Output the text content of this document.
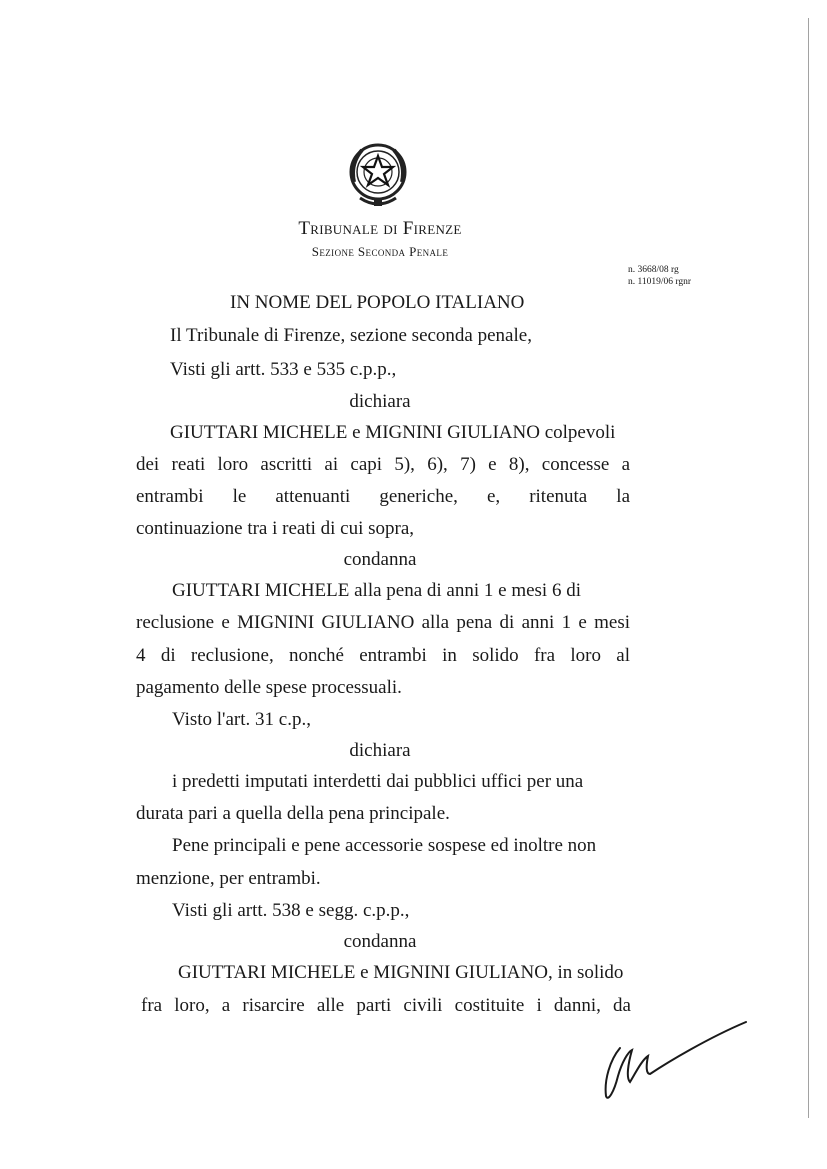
Tribunale di Firenze
Sezione Seconda Penale
n. 3668/08 rg
n. 11019/06 rgnr
IN NOME DEL POPOLO ITALIANO
Il Tribunale di Firenze, sezione seconda penale,
Visti gli artt. 533 e 535 c.p.p.,
dichiara
GIUTTARI MICHELE e MIGNINI GIULIANO colpevoli
dei reati loro ascritti ai capi 5), 6), 7) e 8), concesse a
entrambi le attenuanti generiche, e, ritenuta la
continuazione tra i reati di cui sopra,
condanna
GIUTTARI MICHELE alla pena di anni 1 e mesi 6 di
reclusione e MIGNINI GIULIANO alla pena di anni 1 e mesi
4 di reclusione, nonché entrambi in solido fra loro al
pagamento delle spese processuali.
Visto l'art. 31 c.p.,
dichiara
i predetti imputati interdetti dai pubblici uffici per una
durata pari a quella della pena principale.
Pene principali e pene accessorie sospese ed inoltre non
menzione, per entrambi.
Visti gli artt. 538 e segg. c.p.p.,
condanna
GIUTTARI MICHELE e MIGNINI GIULIANO, in solido
fra loro, a risarcire alle parti civili costituite i danni, da
